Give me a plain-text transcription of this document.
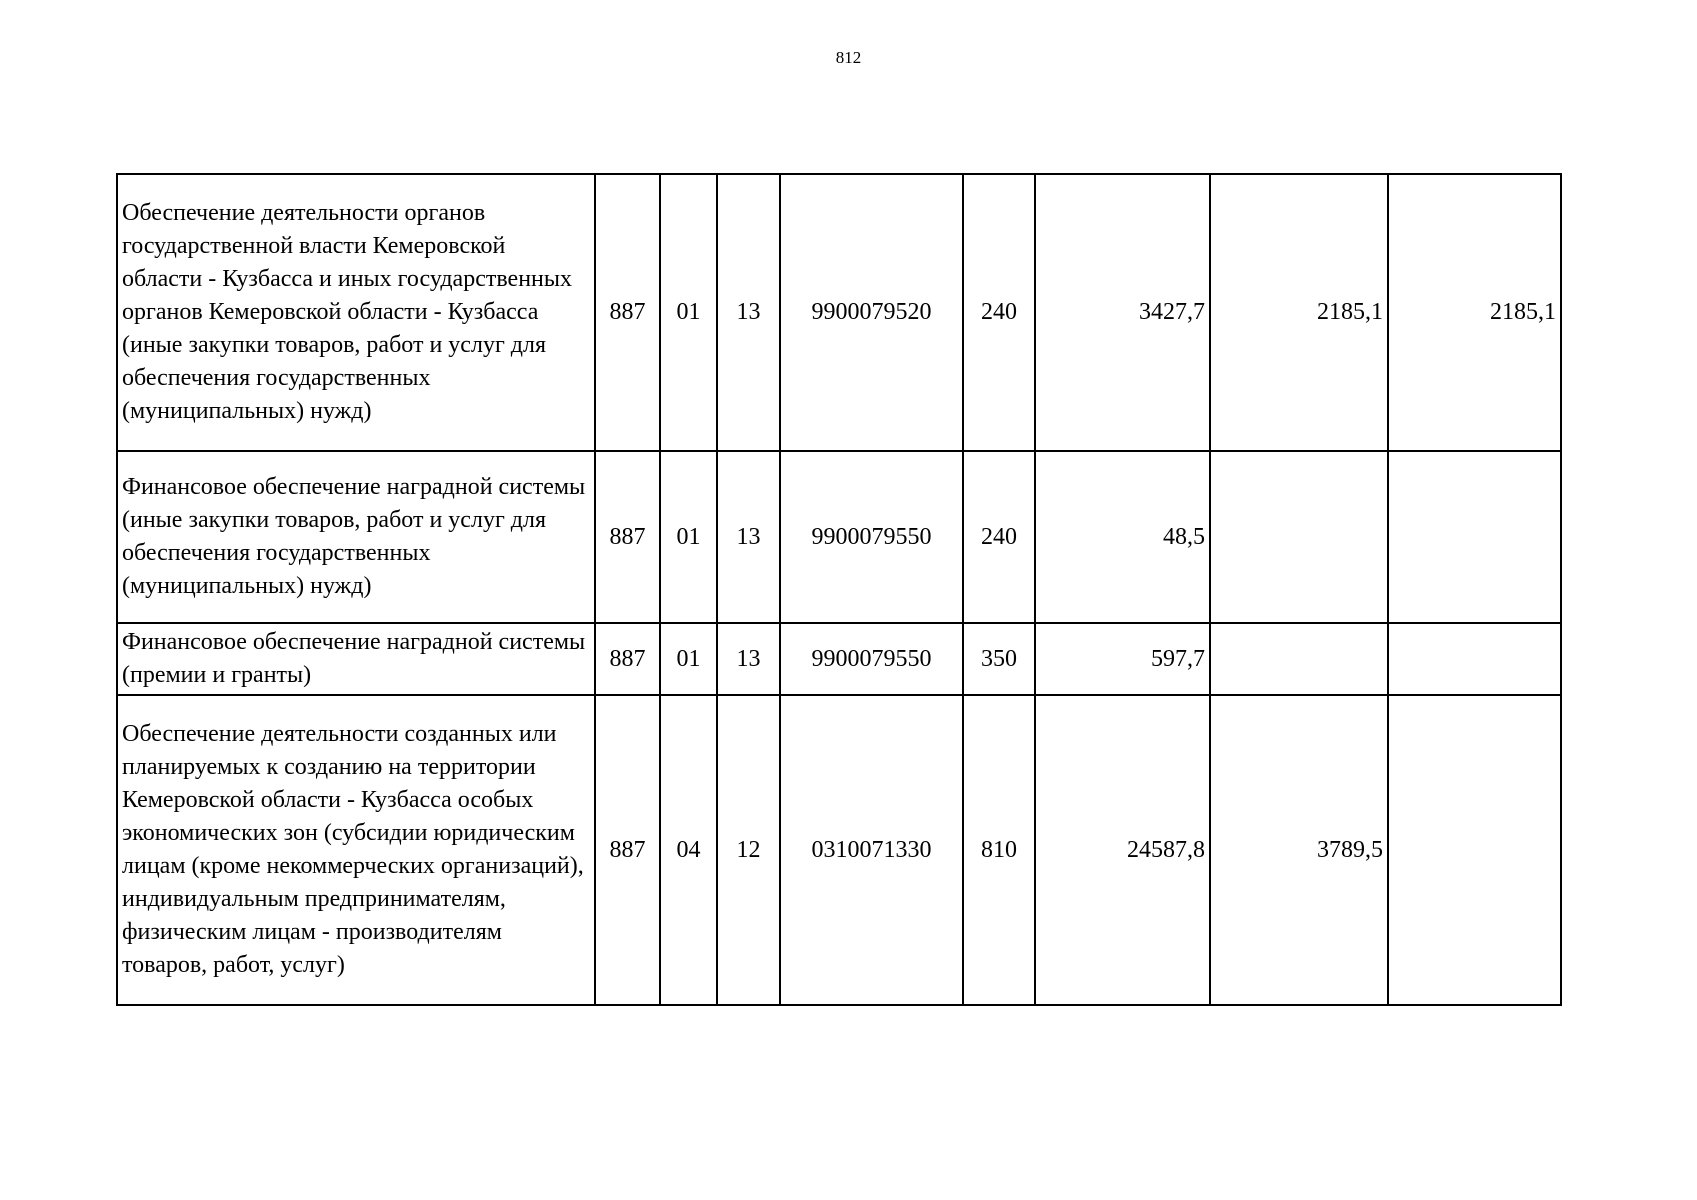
812
Обеспечение деятельности органов государственной власти Кемеровской области - Кузбасса и иных государственных органов Кемеровской области - Кузбасса (иные закупки товаров, работ и услуг для обеспечения государственных (муниципальных) нужд)	887	01	13	9900079520	240	3427,7	2185,1	2185,1
Финансовое обеспечение наградной системы (иные закупки товаров, работ и услуг для обеспечения государственных (муниципальных) нужд)	887	01	13	9900079550	240	48,5		
Финансовое обеспечение наградной системы (премии и гранты)	887	01	13	9900079550	350	597,7		
Обеспечение деятельности созданных или планируемых к созданию на территории Кемеровской области - Кузбасса особых экономических зон (субсидии юридическим лицам (кроме некоммерческих организаций), индивидуальным предпринимателям, физическим лицам - производителям товаров, работ, услуг)	887	04	12	0310071330	810	24587,8	3789,5	
